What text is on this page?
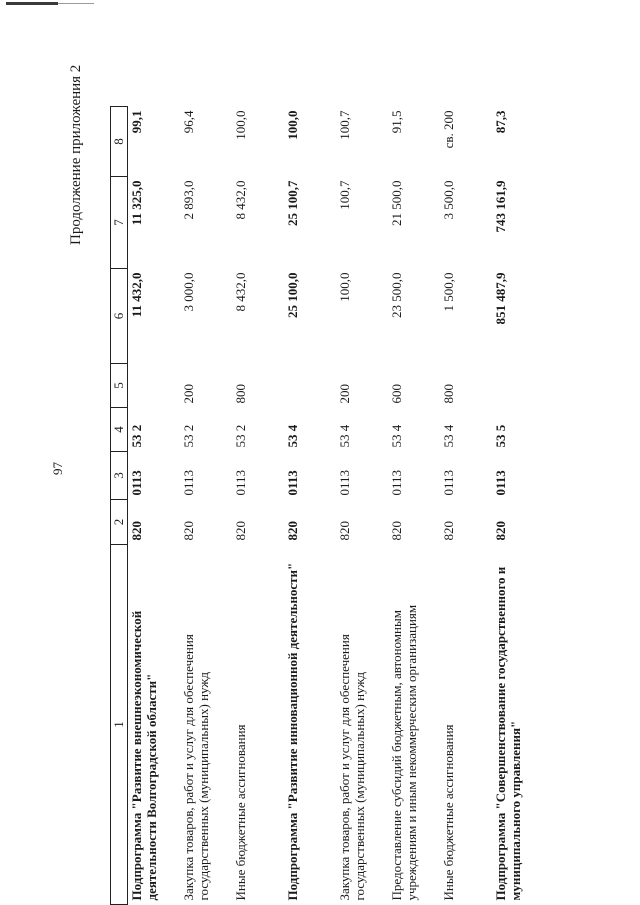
97
Продолжение приложения 2
1	2	3	4	5	6	7	8
Подпрограмма "Развитие внешнеэкономической деятельности Волгоградской области"	820	0113	53 2		11 432,0	11 325,0	99,1
Закупка товаров, работ и услуг для обеспечения государственных (муниципальных) нужд	820	0113	53 2	200	3 000,0	2 893,0	96,4
Иные бюджетные ассигнования	820	0113	53 2	800	8 432,0	8 432,0	100,0
Подпрограмма "Развитие инновационной деятельности"	820	0113	53 4		25 100,0	25 100,7	100,0
Закупка товаров, работ и услуг для обеспечения государственных (муниципальных) нужд	820	0113	53 4	200	100,0	100,7	100,7
Предоставление субсидий бюджетным, автономным учреждениям и иным некоммерческим организациям	820	0113	53 4	600	23 500,0	21 500,0	91,5
Иные бюджетные ассигнования	820	0113	53 4	800	1 500,0	3 500,0	св. 200
Подпрограмма "Совершенствование государственного и муниципального управления"	820	0113	53 5		851 487,9	743 161,9	87,3
